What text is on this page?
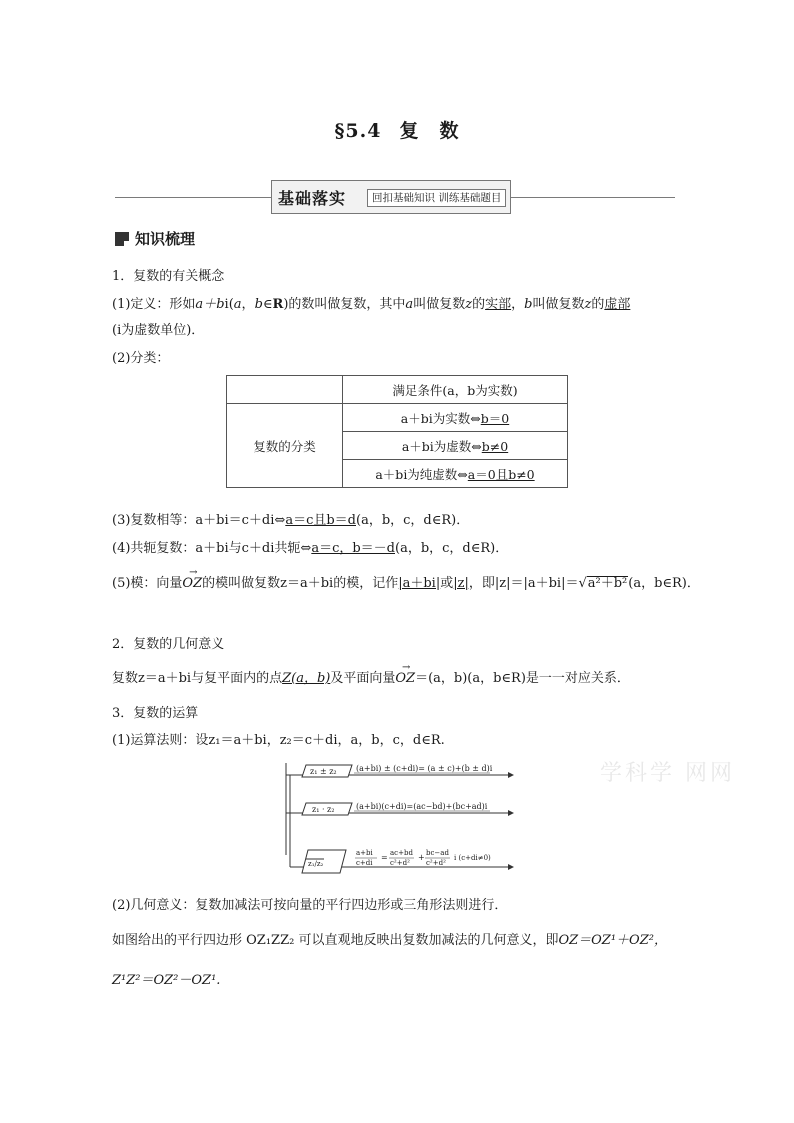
§5.4 复　数
基础落实	回扣基础知识 训练基础题目
知识梳理
1．复数的有关概念
(1)定义：形如a＋bi(a，b∈R)的数叫做复数，其中a叫做复数z的实部，b叫做复数z的虚部
(i为虚数单位)．
(2)分类：
	满足条件(a，b为实数)
复数的分类	a＋bi为实数⇔b＝0
	a＋bi为虚数⇔b≠0
	a＋bi为纯虚数⇔a＝0且b≠0
(3)复数相等：a＋bi＝c＋di⇔a＝c且b＝d(a，b，c，d∈R)．
(4)共轭复数：a＋bi与c＋di共轭⇔a＝c，b＝－d(a，b，c，d∈R)．
(5)模：向量→ OZ的模叫做复数z＝a＋bi的模，记作|a＋bi|或|z|，即|z|＝|a＋bi|＝√a²＋b²(a，b∈R)．
2．复数的几何意义
复数z＝a＋bi与复平面内的点Z(a，b)及平面向量→ OZ＝(a，b)(a，b∈R)是一一对应关系．
3．复数的运算
(1)运算法则：设z₁＝a＋bi，z₂＝c＋di，a，b，c，d∈R.
学科学 网网
z₁ ± z₂
z₁ · z₂
z₁/z₂
(a+bi) ± (c+di)= (a ± c)+(b ± d)i
(a+bi)(c+di)=(ac−bd)+(bc+ad)i
a+bi
c+di
= ac+bd
c²+d²
+ bc−ad
c²+d²
i (c+di≠0)
(2)几何意义：复数加减法可按向量的平行四边形或三角形法则进行．
如图给出的平行四边形 OZ₁ZZ₂ 可以直观地反映出复数加减法的几何意义，即OZ＝OZ¹＋OZ²，
Z¹Z²＝OZ²－OZ¹.
